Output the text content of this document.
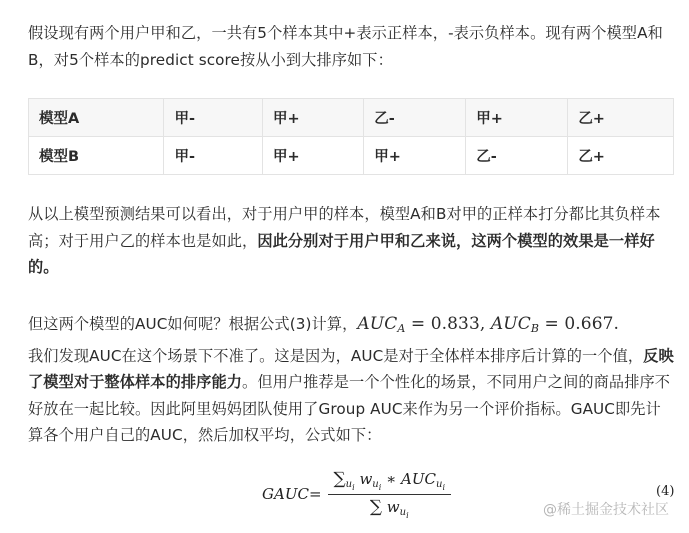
假设现有两个用户甲和乙，一共有5个样本其中+表示正样本，-表示负样本。现有两个模型A和B，对5个样本的predict score按从小到大排序如下：
模型A	甲-	甲+	乙-	甲+	乙+
模型B	甲-	甲+	甲+	乙-	乙+
从以上模型预测结果可以看出，对于用户甲的样本，模型A和B对甲的正样本打分都比其负样本高；对于用户乙的样本也是如此，因此分别对于用户甲和乙来说，这两个模型的效果是一样好的。
但这两个模型的AUC如何呢？根据公式(3)计算，$AUC_A = 0.833$, $AUC_B = 0.667$.
我们发现AUC在这个场景下不准了。这是因为，AUC是对于全体样本排序后计算的一个值，反映了模型对于整体样本的排序能力。但用户推荐是一个个性化的场景，不同用户之间的商品排序不好放在一起比较。因此阿里妈妈团队使用了Group AUC来作为另一个评价指标。GAUC即先计算各个用户自己的AUC，然后加权平均，公式如下：
GAUC = $\frac{\sum_{u_i} w_{u_i} ∗ AUC_{u_i}}{\sum w_{u_i}}$	(4)
@稀土掘金技术社区
